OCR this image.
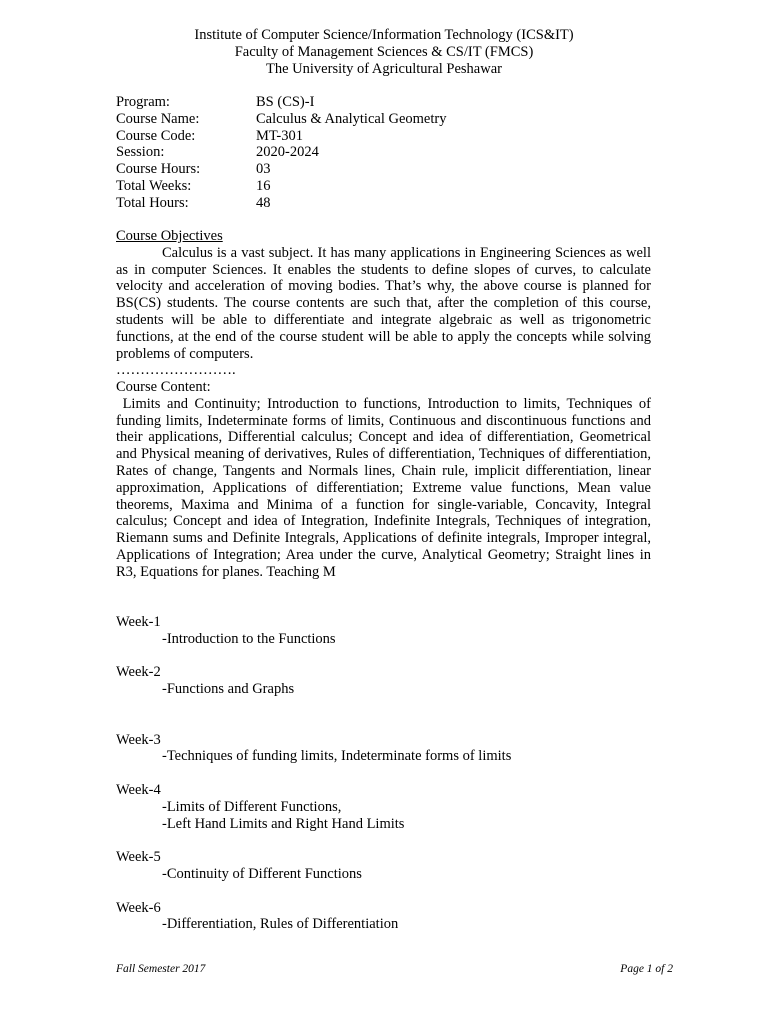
Institute of Computer Science/Information Technology (ICS&IT)
Faculty of Management Sciences & CS/IT (FMCS)
The University of Agricultural Peshawar
Program:	BS (CS)-I
Course Name:	Calculus & Analytical Geometry
Course Code:	MT-301
Session:	2020-2024
Course Hours:	03
Total Weeks:	16
Total Hours:	48
Course Objectives
Calculus is a vast subject. It has many applications in Engineering Sciences as well as in computer Sciences. It enables the students to define slopes of curves, to calculate velocity and acceleration of moving bodies. That’s why, the above course is planned for BS(CS) students. The course contents are such that, after the completion of this course, students will be able to differentiate and integrate algebraic as well as trigonometric functions, at the end of the course student will be able to apply the concepts while solving problems of computers.
…………………….
Course Content:
Limits and Continuity; Introduction to functions, Introduction to limits, Techniques of funding limits, Indeterminate forms of limits, Continuous and discontinuous functions and their applications, Differential calculus; Concept and idea of differentiation, Geometrical and Physical meaning of derivatives, Rules of differentiation, Techniques of differentiation, Rates of change, Tangents and Normals lines, Chain rule, implicit differentiation, linear approximation, Applications of differentiation; Extreme value functions, Mean value theorems, Maxima and Minima of a function for single-variable, Concavity, Integral calculus; Concept and idea of Integration, Indefinite Integrals, Techniques of integration, Riemann sums and Definite Integrals, Applications of definite integrals, Improper integral, Applications of Integration; Area under the curve, Analytical Geometry; Straight lines in R3, Equations for planes. Teaching M
Week-1
-Introduction to the Functions
Week-2
-Functions and Graphs
Week-3
-Techniques of funding limits, Indeterminate forms of limits
Week-4
-Limits of Different Functions,
-Left Hand Limits and Right Hand Limits
Week-5
-Continuity of Different Functions
Week-6
-Differentiation, Rules of Differentiation
Fall Semester 2017	Page 1 of 2
